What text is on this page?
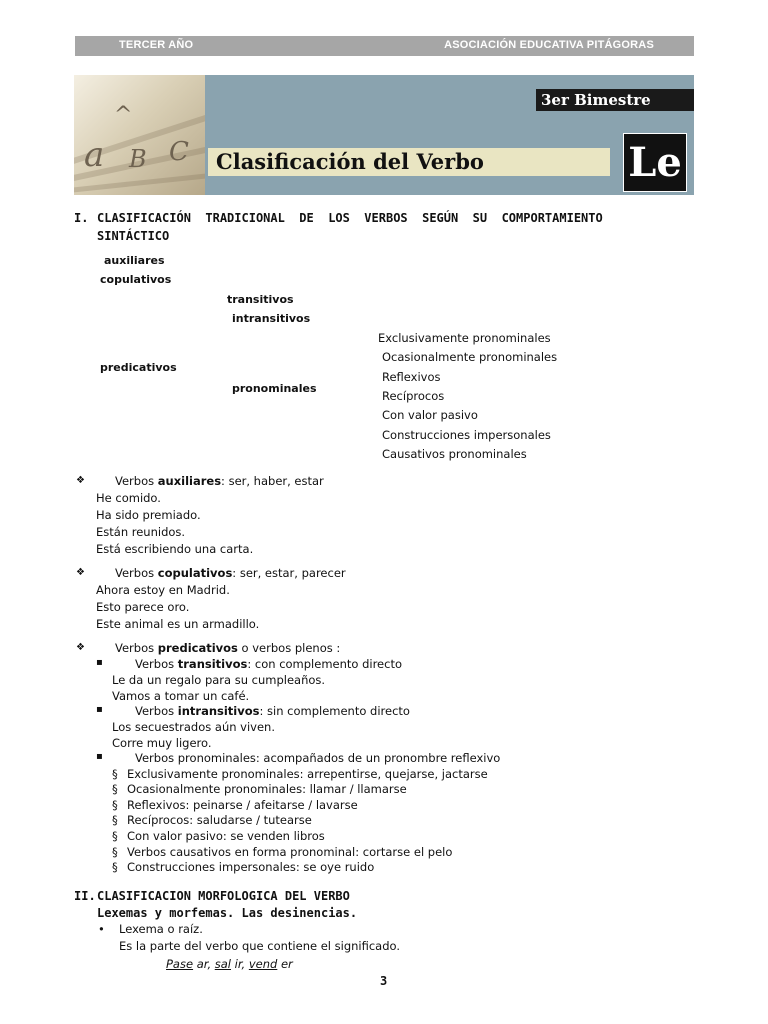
TERCER AÑO	ASOCIACIÓN EDUCATIVA PITÁGORAS
a B C
^
3er Bimestre
Clasificación del Verbo	Le
I. CLASIFICACIÓN  TRADICIONAL  DE  LOS  VERBOS  SEGÚN  SU  COMPORTAMIENTO
SINTÁCTICO
auxiliares
copulativos
transitivos
intransitivos
predicativos
pronominales
Exclusivamente pronominales
Ocasionalmente pronominales
Reflexivos
Recíprocos
Con valor pasivo
Construcciones impersonales
Causativos pronominales
❖	Verbos auxiliares: ser, haber, estar
He comido.
Ha sido premiado.
Están reunidos.
Está escribiendo una carta.
❖	Verbos copulativos: ser, estar, parecer
Ahora estoy en Madrid.
Esto parece oro.
Este animal es un armadillo.
❖	Verbos predicativos o verbos plenos :
▪	Verbos transitivos: con complemento directo
Le da un regalo para su cumpleaños.
Vamos a tomar un café.
▪	Verbos intransitivos: sin complemento directo
Los secuestrados aún viven.
Corre muy ligero.
▪	Verbos pronominales: acompañados de un pronombre reflexivo
§ Exclusivamente pronominales: arrepentirse, quejarse, jactarse
§ Ocasionalmente pronominales: llamar / llamarse
§ Reflexivos: peinarse / afeitarse / lavarse
§ Recíprocos: saludarse / tutearse
§ Con valor pasivo: se venden libros
§ Verbos causativos en forma pronominal: cortarse el pelo
§ Construcciones impersonales: se oye ruido
II. CLASIFICACION MORFOLOGICA DEL VERBO
Lexemas y morfemas. Las desinencias.
• Lexema o raíz.
Es la parte del verbo que contiene el significado.
Pase ar, sal ir, vend er
3
